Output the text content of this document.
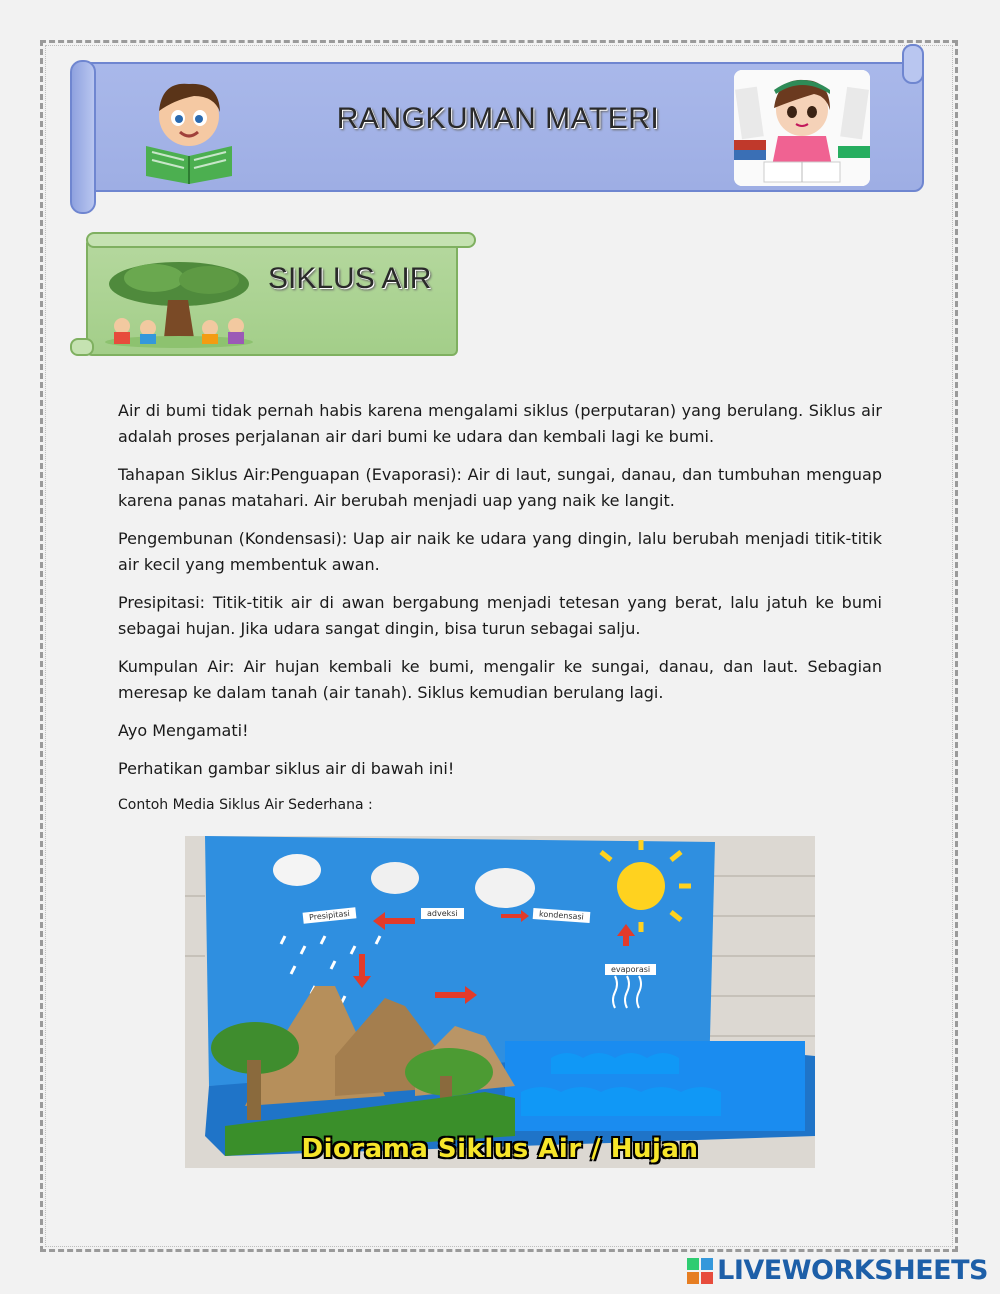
RANGKUMAN MATERI
SIKLUS AIR

Air di bumi tidak pernah habis karena mengalami siklus (perputaran) yang berulang. Siklus air adalah proses perjalanan air dari bumi ke udara dan kembali lagi ke bumi.

Tahapan Siklus Air:Penguapan (Evaporasi): Air di laut, sungai, danau, dan tumbuhan menguap karena panas matahari. Air berubah menjadi uap yang naik ke langit.

Pengembunan (Kondensasi): Uap air naik ke udara yang dingin, lalu berubah menjadi titik-titik air kecil yang membentuk awan.

Presipitasi: Titik-titik air di awan bergabung menjadi tetesan yang berat, lalu jatuh ke bumi sebagai hujan. Jika udara sangat dingin, bisa turun sebagai salju.

Kumpulan Air: Air hujan kembali ke bumi, mengalir ke sungai, danau, dan laut. Sebagian meresap ke dalam tanah (air tanah). Siklus kemudian berulang lagi.

Ayo Mengamati!

Perhatikan gambar siklus air di bawah ini!

Contoh Media Siklus Air Sederhana :

Presipitasi	adveksi	kondensasi
evaporasi
Diorama Siklus Air / Hujan
LIVEWORKSHEETS
